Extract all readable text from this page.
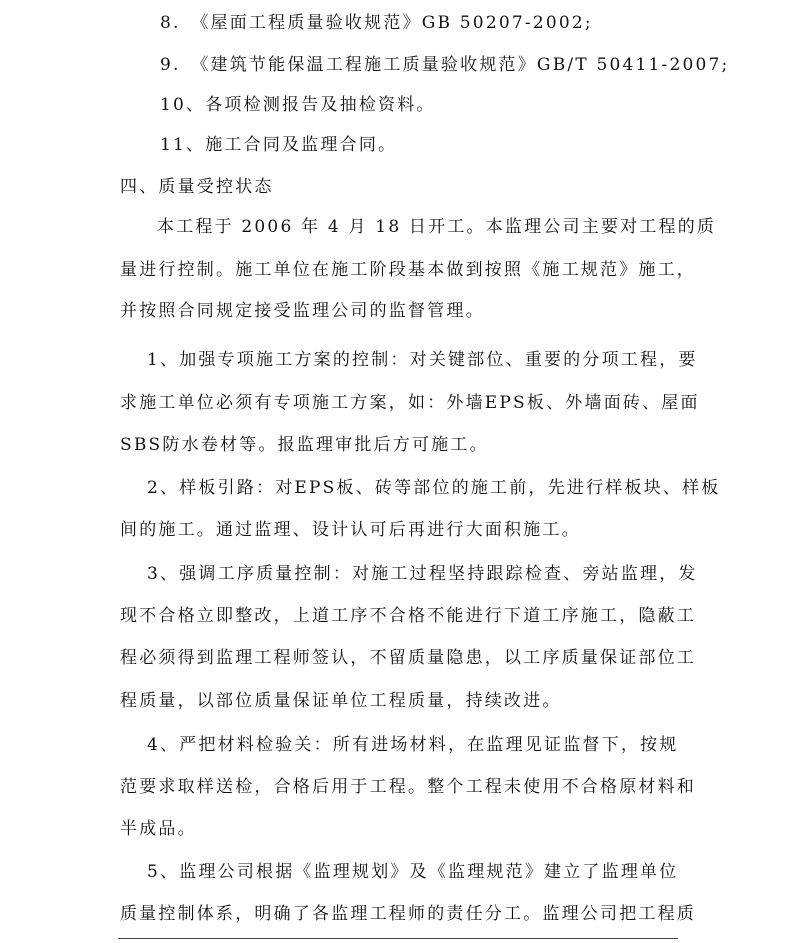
8.　《屋面工程质量验收规范》GB 50207-2002;
9.　《建筑节能保温工程施工质量验收规范》GB/T 50411-2007;
10、各项检测报告及抽检资料。
11、施工合同及监理合同。
四、质量受控状态
本工程于 2006 年 4 月 18 日开工。本监理公司主要对工程的质
量进行控制。施工单位在施工阶段基本做到按照《施工规范》施工，
并按照合同规定接受监理公司的监督管理。
1、加强专项施工方案的控制：对关键部位、重要的分项工程，要
求施工单位必须有专项施工方案，如：外墙EPS板、外墙面砖、屋面
SBS防水卷材等。报监理审批后方可施工。
2、样板引路：对EPS板、砖等部位的施工前，先进行样板块、样板
间的施工。通过监理、设计认可后再进行大面积施工。
3、强调工序质量控制：对施工过程坚持跟踪检查、旁站监理，发
现不合格立即整改，上道工序不合格不能进行下道工序施工，隐蔽工
程必须得到监理工程师签认，不留质量隐患，以工序质量保证部位工
程质量，以部位质量保证单位工程质量，持续改进。
4、严把材料检验关：所有进场材料，在监理见证监督下，按规
范要求取样送检，合格后用于工程。整个工程未使用不合格原材料和
半成品。
5、监理公司根据《监理规划》及《监理规范》建立了监理单位
质量控制体系，明确了各监理工程师的责任分工。监理公司把工程质
